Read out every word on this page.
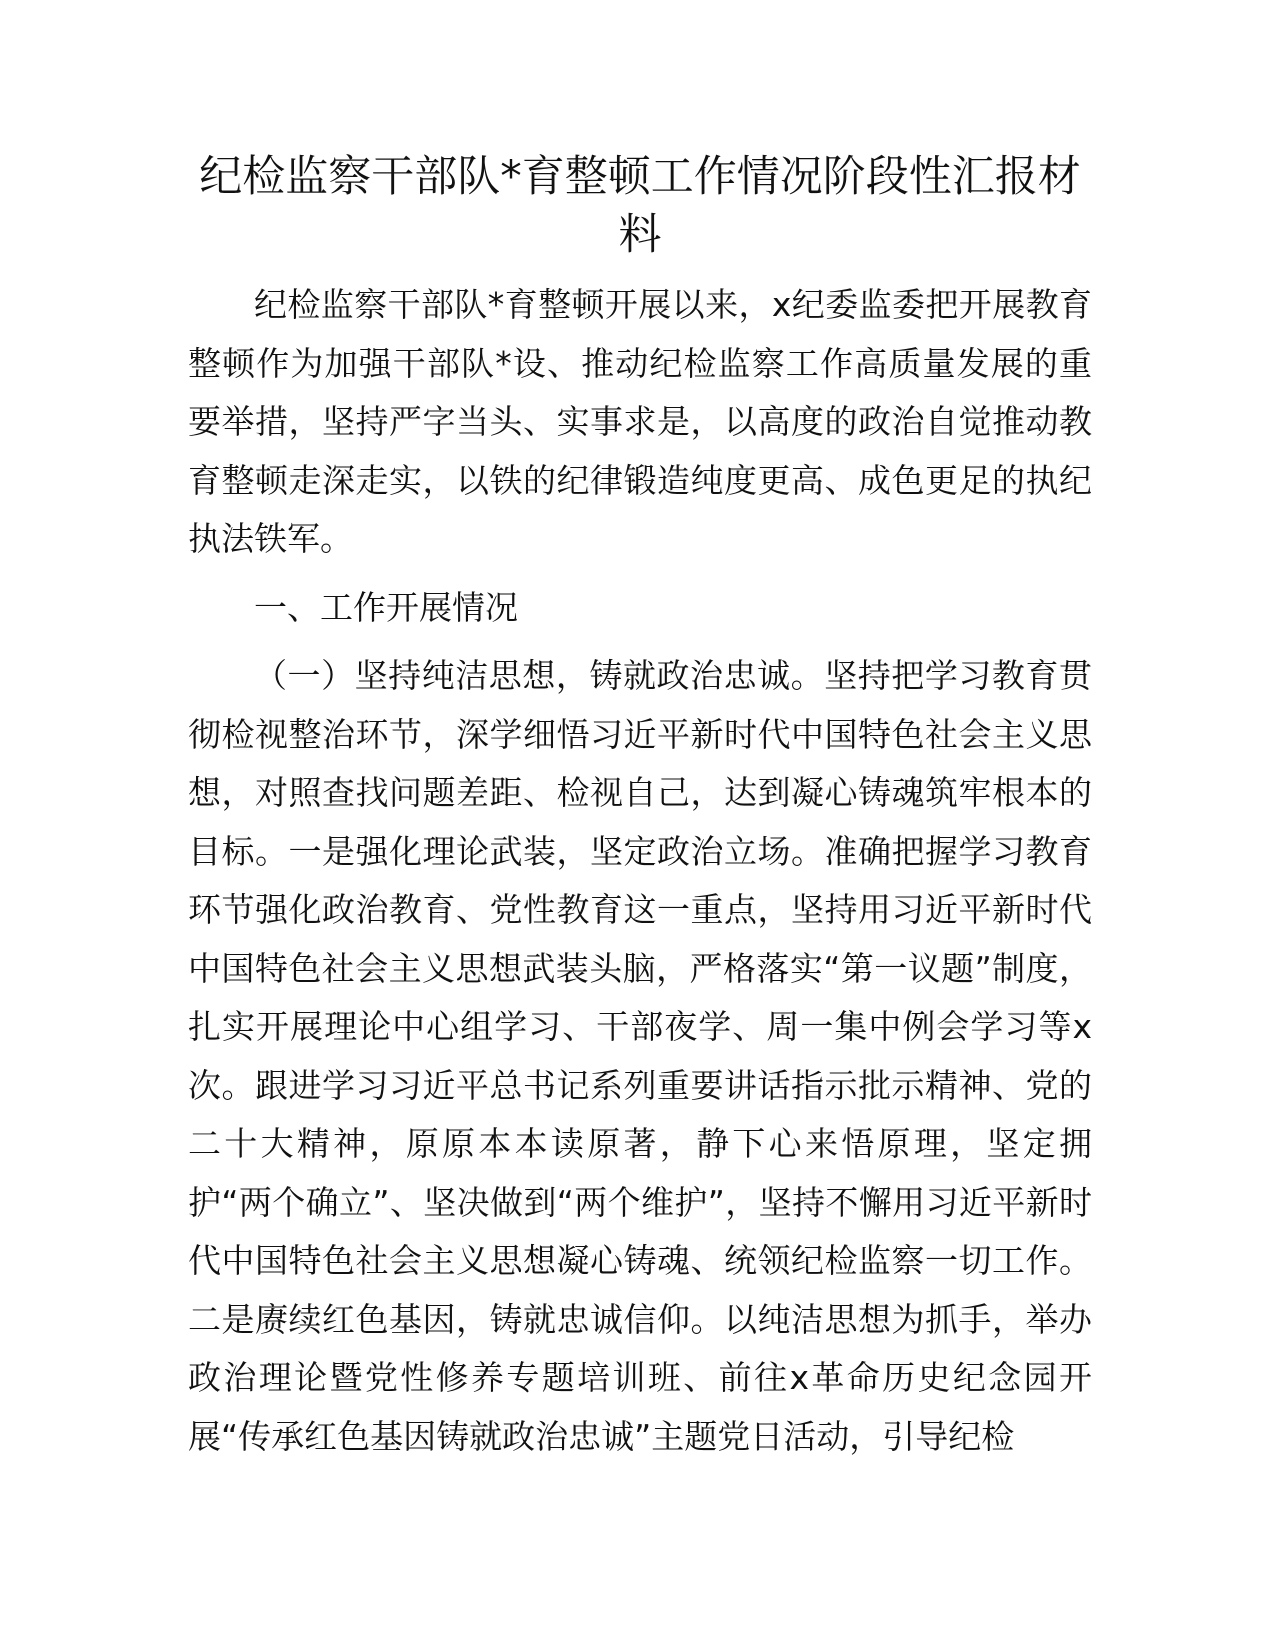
纪检监察干部队*育整顿工作情况阶段性汇报材料

纪检监察干部队*育整顿开展以来，x纪委监委把开展教育整顿作为加强干部队*设、推动纪检监察工作高质量发展的重要举措，坚持严字当头、实事求是，以高度的政治自觉推动教育整顿走深走实，以铁的纪律锻造纯度更高、成色更足的执纪执法铁军。

一、工作开展情况

（一）坚持纯洁思想，铸就政治忠诚。坚持把学习教育贯彻检视整治环节，深学细悟习近平新时代中国特色社会主义思想，对照查找问题差距、检视自己，达到凝心铸魂筑牢根本的目标。一是强化理论武装，坚定政治立场。准确把握学习教育环节强化政治教育、党性教育这一重点，坚持用习近平新时代中国特色社会主义思想武装头脑，严格落实“第一议题”制度，扎实开展理论中心组学习、干部夜学、周一集中例会学习等x次。跟进学习习近平总书记系列重要讲话指示批示精神、党的二十大精神，原原本本读原著，静下心来悟原理，坚定拥护“两个确立”、坚决做到“两个维护”，坚持不懈用习近平新时代中国特色社会主义思想凝心铸魂、统领纪检监察一切工作。二是赓续红色基因，铸就忠诚信仰。以纯洁思想为抓手，举办政治理论暨党性修养专题培训班、前往x革命历史纪念园开展“传承红色基因铸就政治忠诚”主题党日活动，引导纪检
